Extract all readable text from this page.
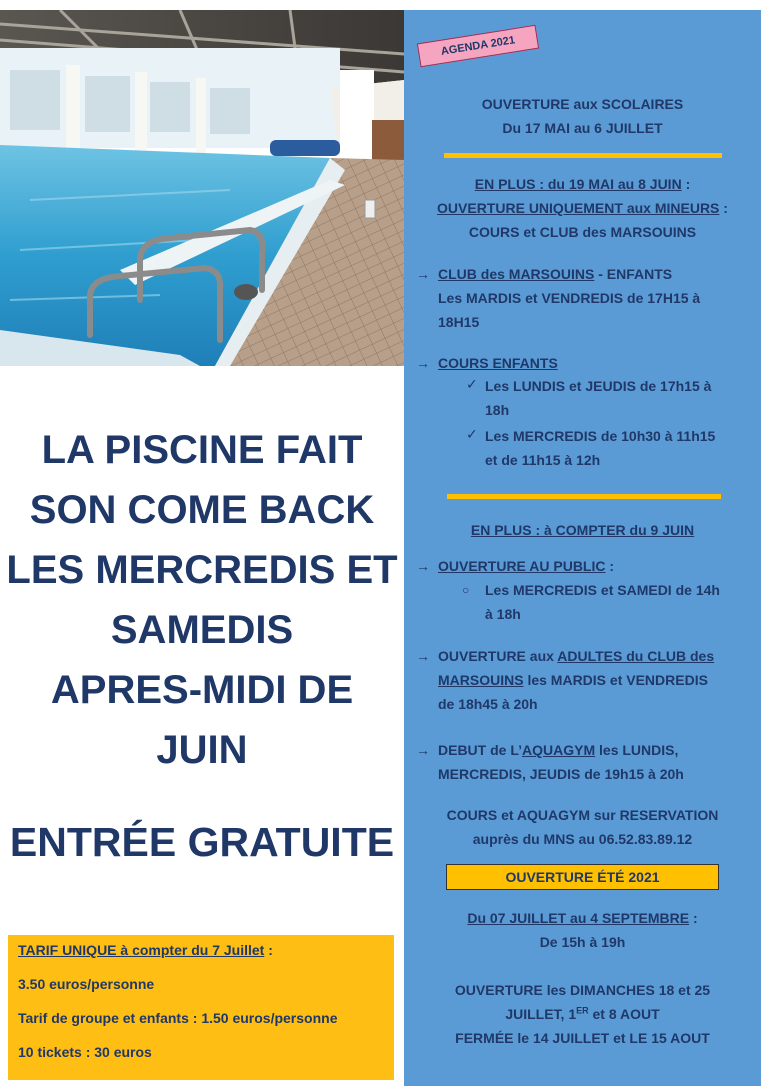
LA PISCINE FAIT
SON COME BACK
LES MERCREDIS ET
SAMEDIS
APRES-MIDI DE
JUIN
ENTRÉE GRATUITE

TARIF UNIQUE à compter du 7 Juillet :

3.50 euros/personne

Tarif de groupe et enfants : 1.50 euros/personne

10 tickets : 30 euros

AGENDA 2021
OUVERTURE aux SCOLAIRES
Du 17 MAI au 6 JUILLET
EN PLUS : du 19 MAI au 8 JUIN :
OUVERTURE UNIQUEMENT aux MINEURS :
COURS et CLUB des MARSOUINS
→ CLUB des MARSOUINS - ENFANTS
Les MARDIS et VENDREDIS de 17H15 à
18H15
→ COURS ENFANTS
✓ Les LUNDIS et JEUDIS de 17h15 à
18h
✓ Les MERCREDIS de 10h30 à 11h15
et de 11h15 à 12h
EN PLUS : à COMPTER du 9 JUIN
→ OUVERTURE AU PUBLIC :
○ Les MERCREDIS et SAMEDI de 14h
à 18h
→ OUVERTURE aux ADULTES du CLUB des
MARSOUINS les MARDIS et VENDREDIS
de 18h45 à 20h
→ DEBUT de L’AQUAGYM les LUNDIS,
MERCREDIS, JEUDIS de 19h15 à 20h
COURS et AQUAGYM sur RESERVATION
auprès du MNS au 06.52.83.89.12
OUVERTURE ÉTÉ 2021
Du 07 JUILLET au 4 SEPTEMBRE :
De 15h à 19h
OUVERTURE les DIMANCHES 18 et 25
JUILLET, 1ER et 8 AOUT
FERMÉE le 14 JUILLET et LE 15 AOUT
